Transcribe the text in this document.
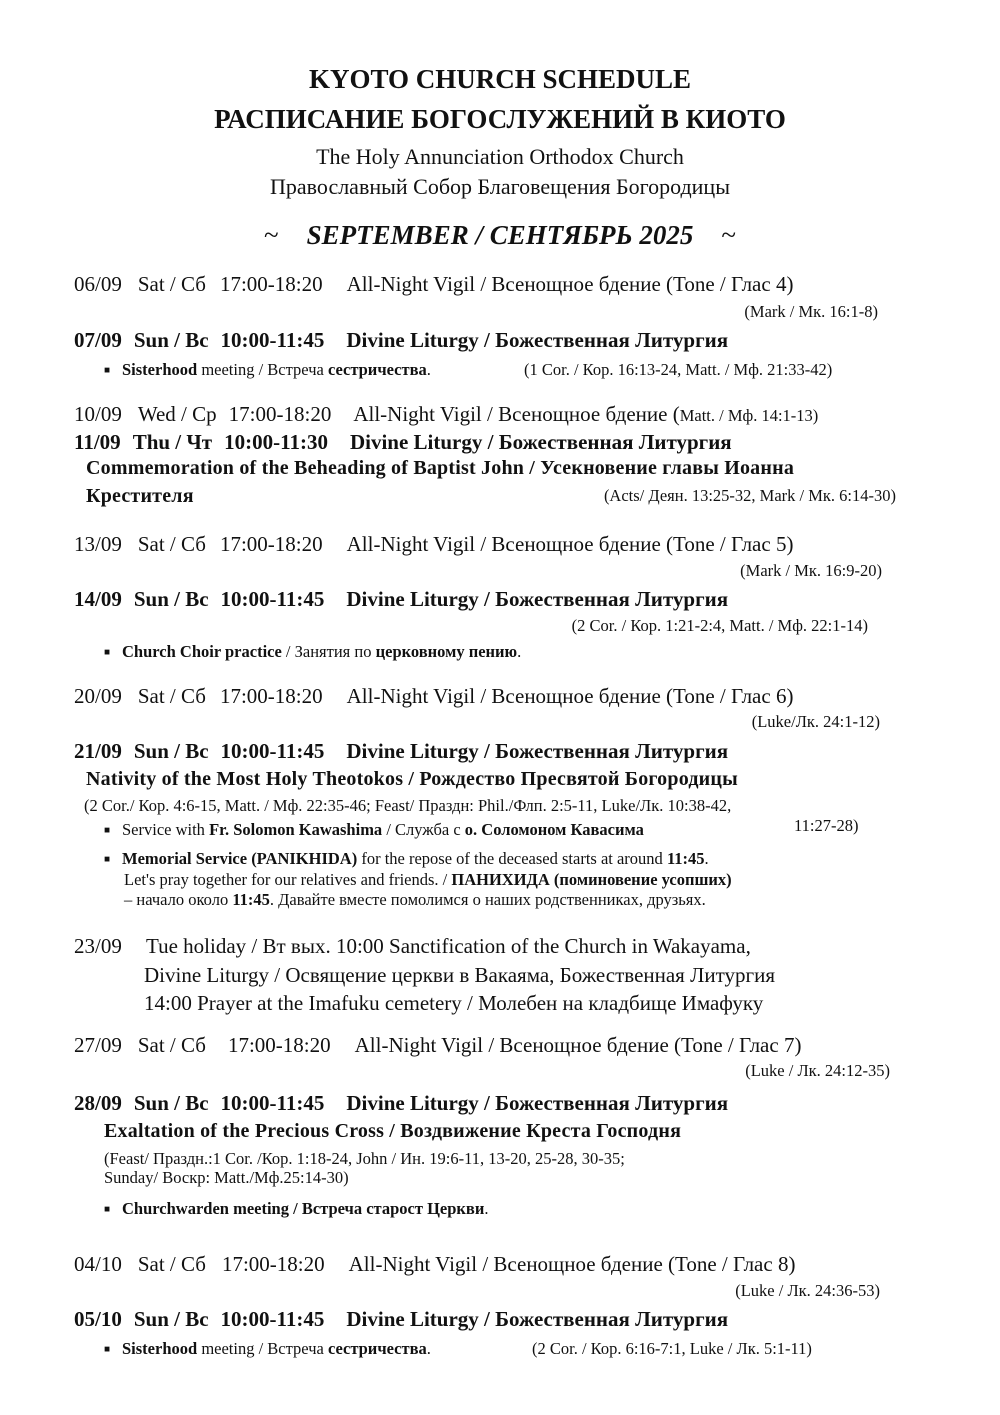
KYOTO CHURCH SCHEDULE
РАСПИСАНИЕ БОГОСЛУЖЕНИЙ В КИОТО
The Holy Annunciation Orthodox Church
Православный Собор Благовещения Богородицы
~ SEPTEMBER / СЕНТЯБРЬ 2025 ~
06/09 Sat / Сб 17:00-18:20 All-Night Vigil / Всенощное бдение (Tone / Глас 4)
(Mark / Мк. 16:1-8)
07/09 Sun / Вс 10:00-11:45 Divine Liturgy / Божественная Литургия
■ Sisterhood meeting / Встреча сестричества.	(1 Cor. / Кор. 16:13-24, Matt. / Мф. 21:33-42)
10/09 Wed / Ср 17:00-18:20 All-Night Vigil / Всенощное бдение (Matt. / Мф. 14:1-13)
11/09 Thu / Чт 10:00-11:30 Divine Liturgy / Божественная Литургия
Commemoration of the Beheading of Baptist John / Усекновение главы Иоанна
Крестителя	(Acts/ Деян. 13:25-32, Mark / Мк. 6:14-30)
13/09 Sat / Сб 17:00-18:20 All-Night Vigil / Всенощное бдение (Tone / Глас 5)
(Mark / Мк. 16:9-20)
14/09 Sun / Вс 10:00-11:45 Divine Liturgy / Божественная Литургия
(2 Cor. / Кор. 1:21-2:4, Matt. / Мф. 22:1-14)
■ Church Choir practice / Занятия по церковному пению.
20/09 Sat / Сб 17:00-18:20 All-Night Vigil / Всенощное бдение (Tone / Глас 6)
(Luke/Лк. 24:1-12)
21/09 Sun / Вс 10:00-11:45 Divine Liturgy / Божественная Литургия
Nativity of the Most Holy Theotokos / Рождество Пресвятой Богородицы
(2 Cor./ Кор. 4:6-15, Matt. / Мф. 22:35-46; Feast/ Праздн: Phil./Флп. 2:5-11, Luke/Лк. 10:38-42,
11:27-28)
■ Service with Fr. Solomon Kawashima / Служба с о. Соломоном Кавасима
■ Memorial Service (PANIKHIDA) for the repose of the deceased starts at around 11:45.
Let's pray together for our relatives and friends. / ПАНИХИДА (поминовение усопших)
– начало около 11:45. Давайте вместе помолимся о наших родственниках, друзьях.
23/09 Tue holiday / Вт вых. 10:00 Sanctification of the Church in Wakayama,
Divine Liturgy / Освящение церкви в Вакаяма, Божественная Литургия
14:00 Prayer at the Imafuku cemetery / Молебен на кладбище Имафуку
27/09 Sat / Сб 17:00-18:20 All-Night Vigil / Всенощное бдение (Tone / Глас 7)
(Luke / Лк. 24:12-35)
28/09 Sun / Вс 10:00-11:45 Divine Liturgy / Божественная Литургия
Exaltation of the Precious Cross / Воздвижение Креста Господня
(Feast/ Праздн.:1 Cor. /Кор. 1:18-24, John / Ин. 19:6-11, 13-20, 25-28, 30-35;
Sunday/ Воскр: Matt./Мф.25:14-30)
■ Churchwarden meeting / Встреча старост Церкви.
04/10 Sat / Сб 17:00-18:20 All-Night Vigil / Всенощное бдение (Tone / Глас 8)
(Luke / Лк. 24:36-53)
05/10 Sun / Вс 10:00-11:45 Divine Liturgy / Божественная Литургия
■ Sisterhood meeting / Встреча сестричества.	(2 Cor. / Кор. 6:16-7:1, Luke / Лк. 5:1-11)
